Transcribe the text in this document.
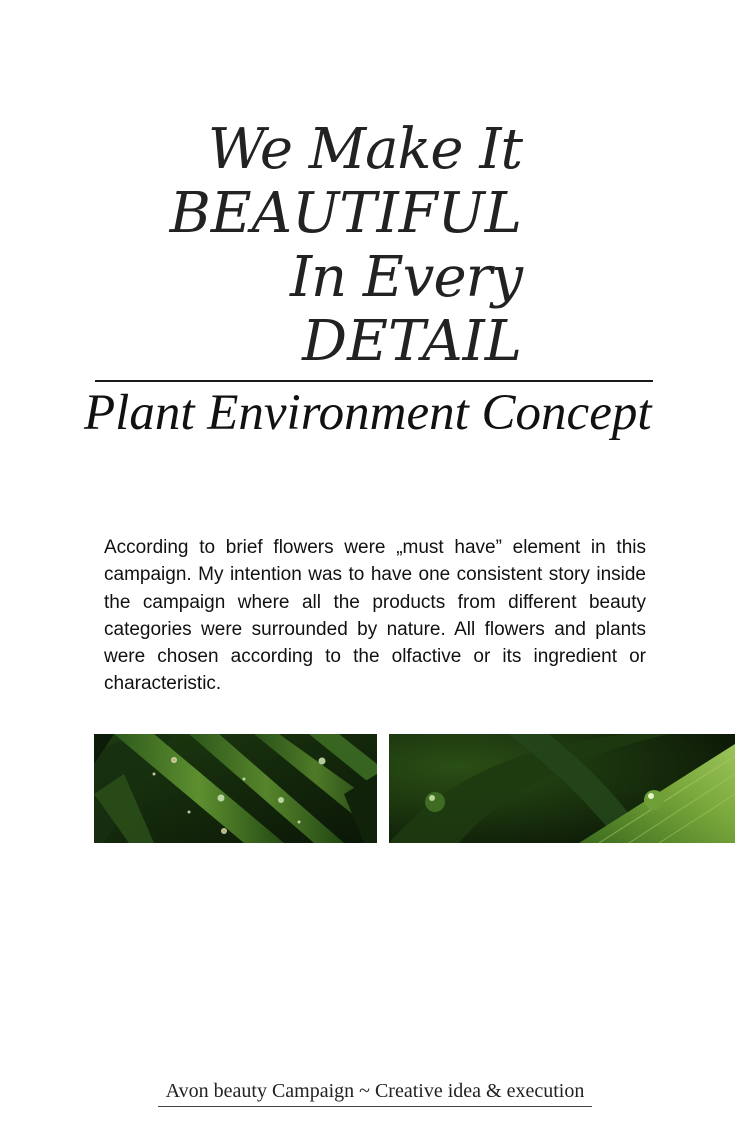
We Make It
BEAUTIFUL
In Every
DETAIL
Plant Environment Concept

According to brief flowers were „must have” element in this campaign. My intention was to have one consistent story inside the campaign where all the products from different beauty categories were surrounded by nature. All flowers and plants were chosen according to the olfactive or its ingredient or characteristic.

Avon beauty Campaign ~ Creative idea & execution
